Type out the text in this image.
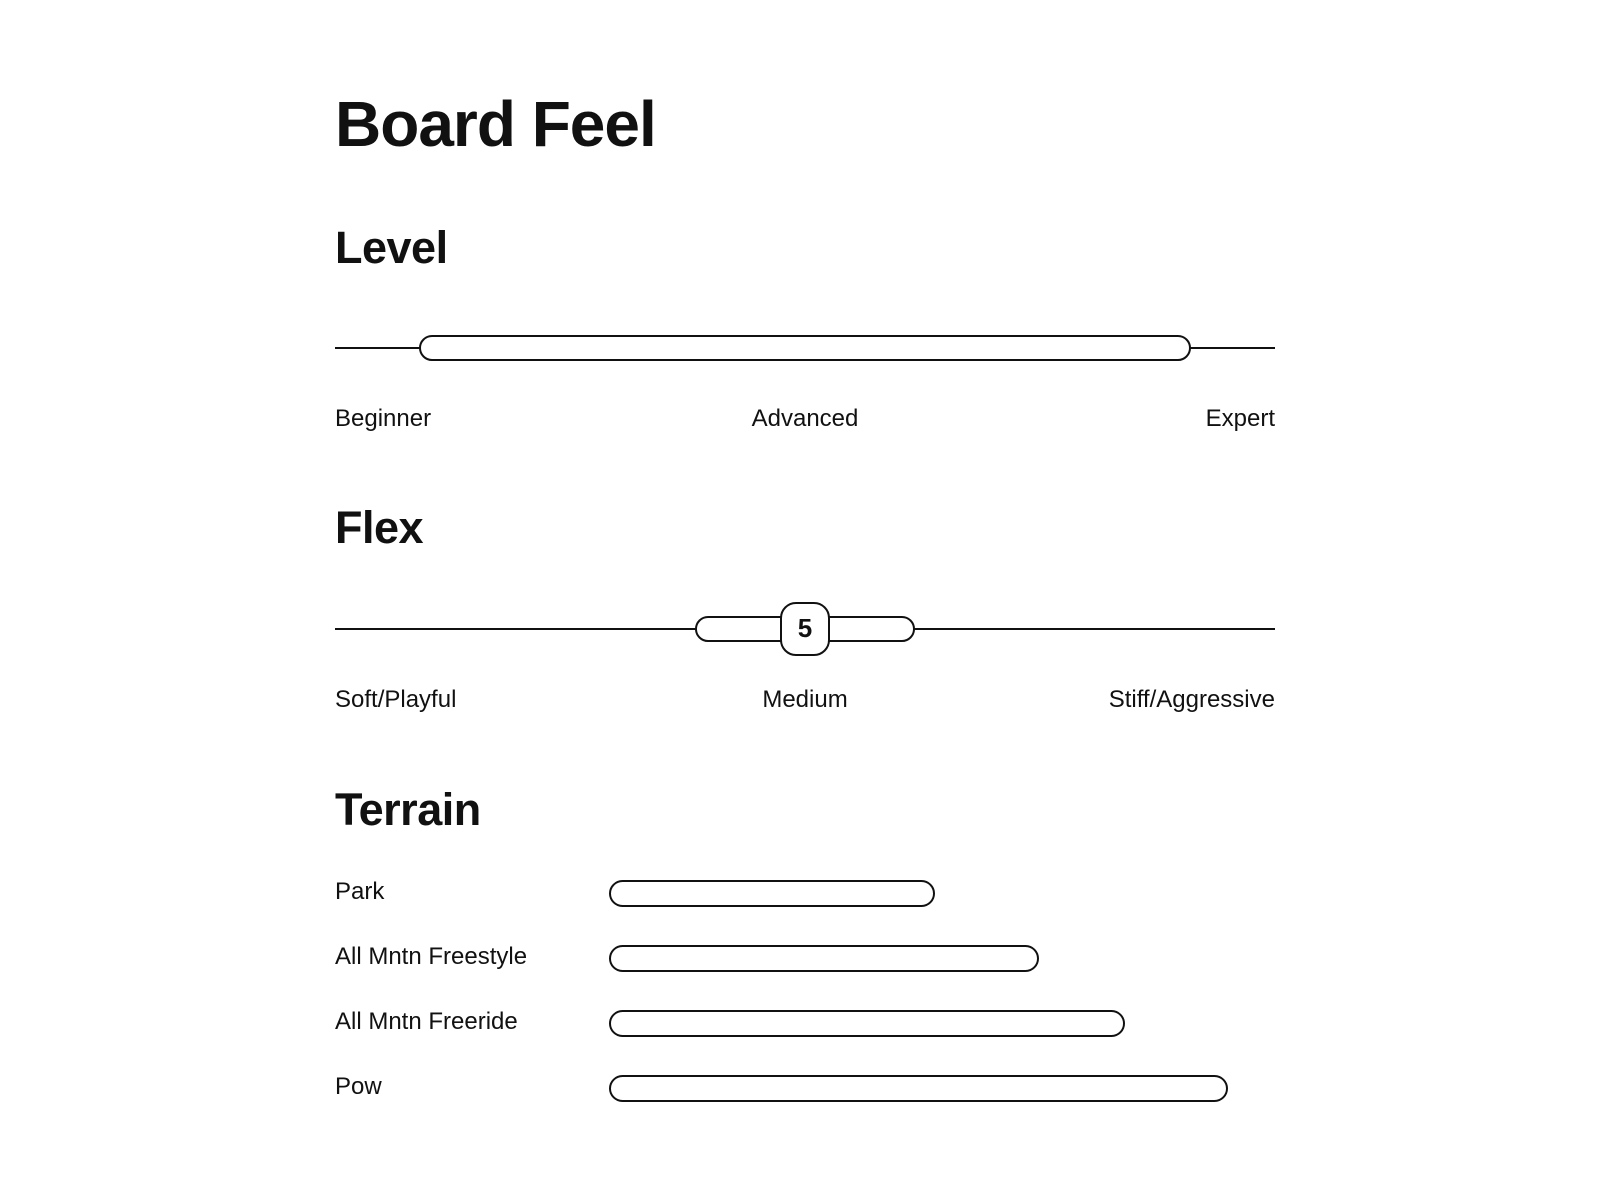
Board Feel
Level
Beginner	Advanced	Expert
Flex
5
Soft/Playful	Medium	Stiff/Aggressive
Terrain
Park
All Mntn Freestyle
All Mntn Freeride
Pow
